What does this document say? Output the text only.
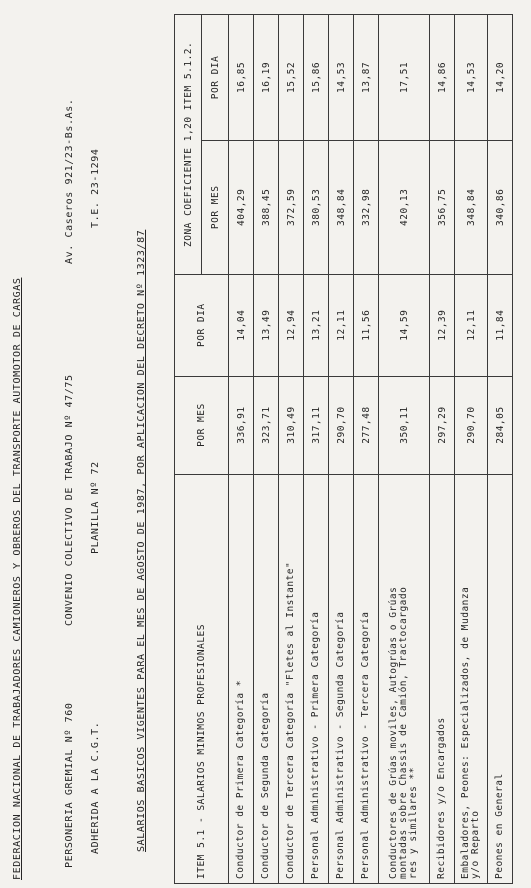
FEDERACION NACIONAL DE TRABAJADORES CAMIONEROS Y OBREROS DEL TRANSPORTE AUTOMOTOR DE CARGAS	PERSONERIA GREMIAL Nº 760
CONVENIO COLECTIVO DE TRABAJO Nº 47/75
Av. Caseros 921/23-Bs.As.
ADHERIDA A LA C.G.T.
PLANILLA Nº 72
T.E. 23-1294
SALARIOS BASICOS VIGENTES PARA EL MES DE AGOSTO DE 1987, POR APLICACION DEL DECRETO Nº 1323/87	ITEM 5.1 - SALARIOS MINIMOS PROFESIONALES	POR MES	POR DIA	ZONA COEFICIENTE 1,20 ITEM 5.1.2.	
			POR MES	POR DIA
Conductor de Primera Categoría *	336,91	14,04	404,29	16,85
Conductor de Segunda Categoría	323,71	13,49	388,45	16,19
Conductor de Tercera Categoría "Fletes al Instante"	310,49	12,94	372,59	15,52
Personal Administrativo - Primera Categoría	317,11	13,21	380,53	15,86
Personal Administrativo - Segunda Categoría	290,70	12,11	348,84	14,53
Personal Administrativo - Tercera Categoría	277,48	11,56	332,98	13,87

Conductores de Grúas moviles, Autogrúas o Grúas montadas sobre Chassis de Camión, Tractocargado res y similares **	350,11	14,59	420,13	17,51
Recibidores y/o Encargados	297,29	12,39	356,75	14,86

Embaladores, Peones: Especializados, de Mudanza y/o Reparto	290,70	12,11	348,84	14,53
Peones en General	284,05	11,84	340,86	14,20
